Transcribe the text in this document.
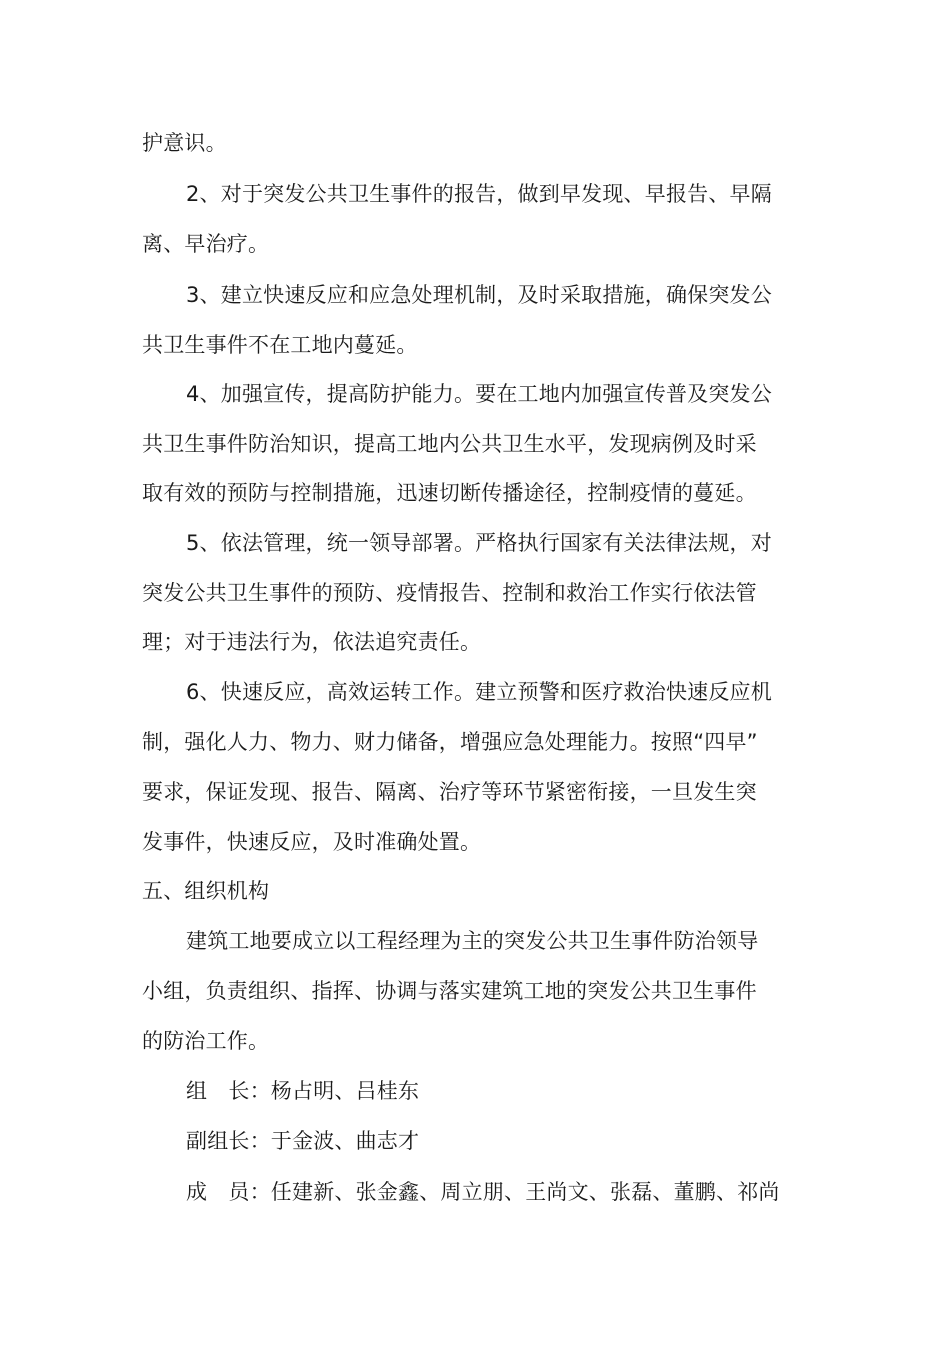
护意识。
2、对于突发公共卫生事件的报告，做到早发现、早报告、早隔
离、早治疗。
3、建立快速反应和应急处理机制，及时采取措施，确保突发公
共卫生事件不在工地内蔓延。
4、加强宣传，提高防护能力。要在工地内加强宣传普及突发公
共卫生事件防治知识，提高工地内公共卫生水平，发现病例及时采
取有效的预防与控制措施，迅速切断传播途径，控制疫情的蔓延。
5、依法管理，统一领导部署。严格执行国家有关法律法规，对
突发公共卫生事件的预防、疫情报告、控制和救治工作实行依法管
理；对于违法行为，依法追究责任。
6、快速反应，高效运转工作。建立预警和医疗救治快速反应机
制，强化人力、物力、财力储备，增强应急处理能力。按照“四早”
要求，保证发现、报告、隔离、治疗等环节紧密衔接，一旦发生突
发事件，快速反应，及时准确处置。
五、组织机构
建筑工地要成立以工程经理为主的突发公共卫生事件防治领导
小组，负责组织、指挥、协调与落实建筑工地的突发公共卫生事件
的防治工作。
组　长：杨占明、吕桂东
副组长：于金波、曲志才
成　员：任建新、张金鑫、周立朋、王尚文、张磊、董鹏、祁尚
